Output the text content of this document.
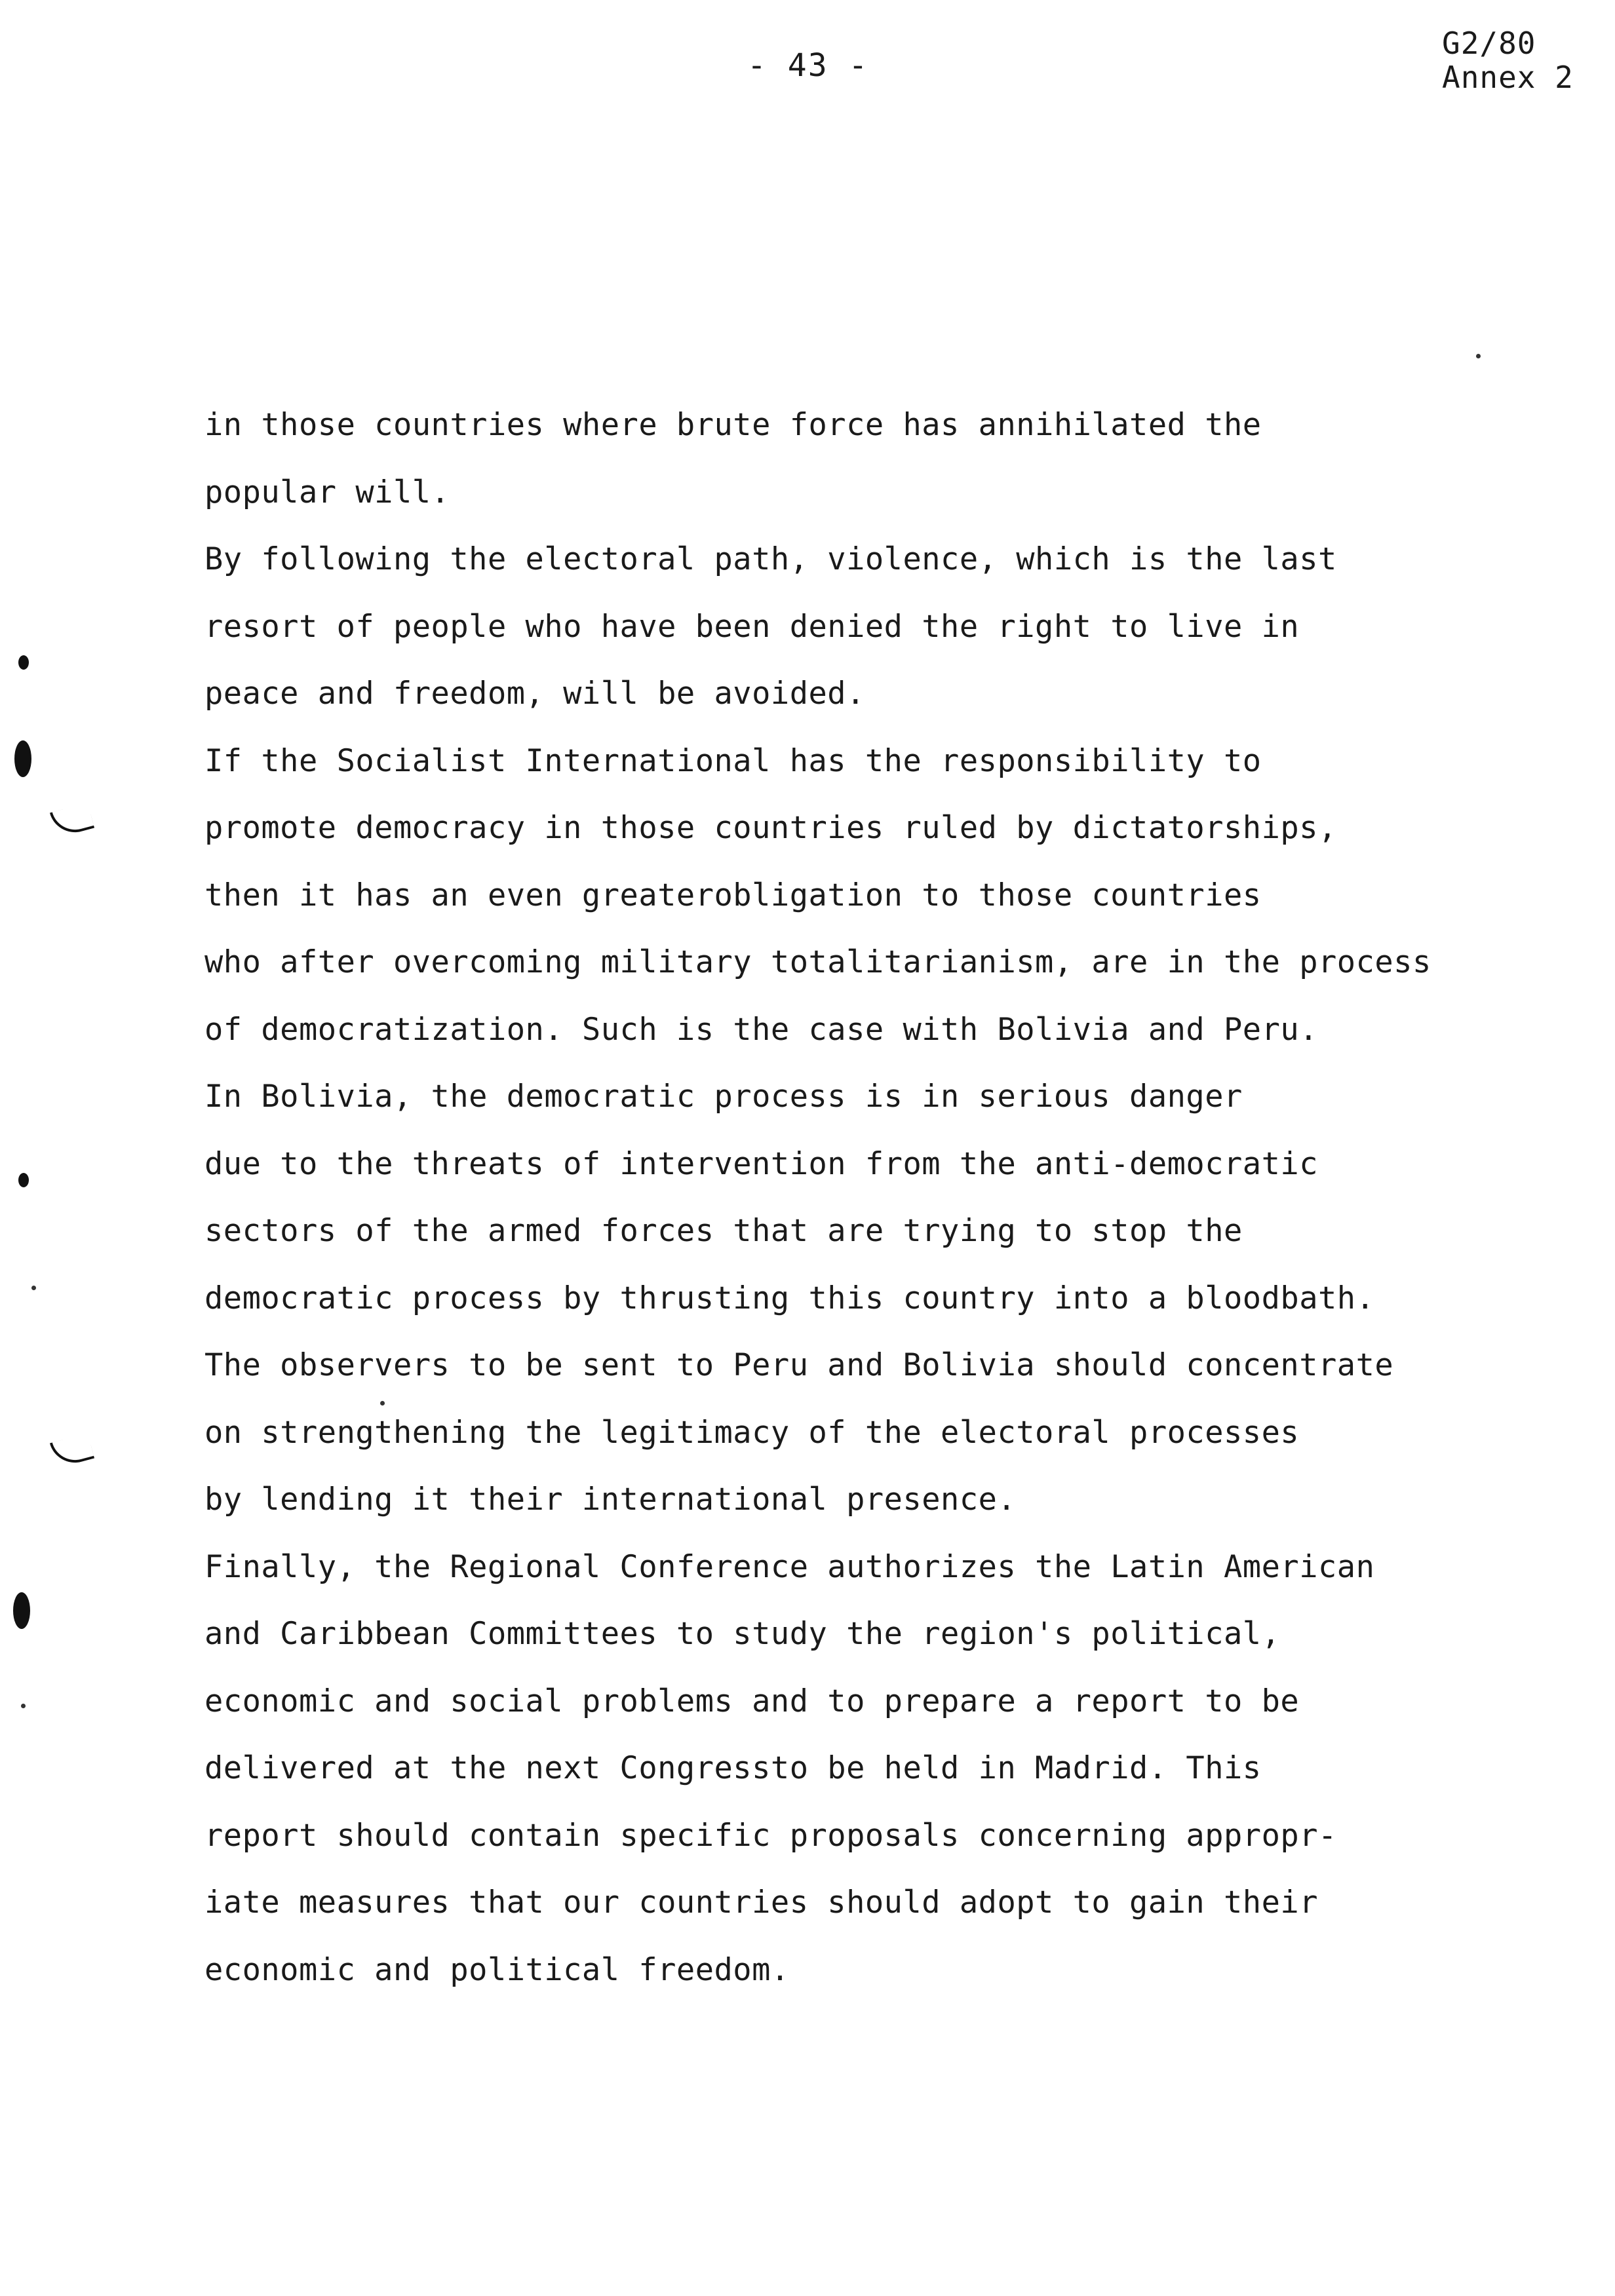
- 43 -
G2/80
Annex 2
in those countries where brute force has annihilated the
popular will.
By following the electoral path, violence, which is the last
resort of people who have been denied the right to live in
peace and freedom, will be avoided.
If the Socialist International has the responsibility to
promote democracy in those countries ruled by dictatorships,
then it has an even greaterobligation to those countries
who after overcoming military totalitarianism, are in the process
of democratization. Such is the case with Bolivia and Peru.
In Bolivia, the democratic process is in serious danger
due to the threats of intervention from the anti-democratic
sectors of the armed forces that are trying to stop the
democratic process by thrusting this country into a bloodbath.
The observers to be sent to Peru and Bolivia should concentrate
on strengthening the legitimacy of the electoral processes
by lending it their international presence.
Finally, the Regional Conference authorizes the Latin American
and Caribbean Committees to study the region's political,
economic and social problems and to prepare a report to be
delivered at the next Congressto be held in Madrid. This
report should contain specific proposals concerning appropr-
iate measures that our countries should adopt to gain their
economic and political freedom.
